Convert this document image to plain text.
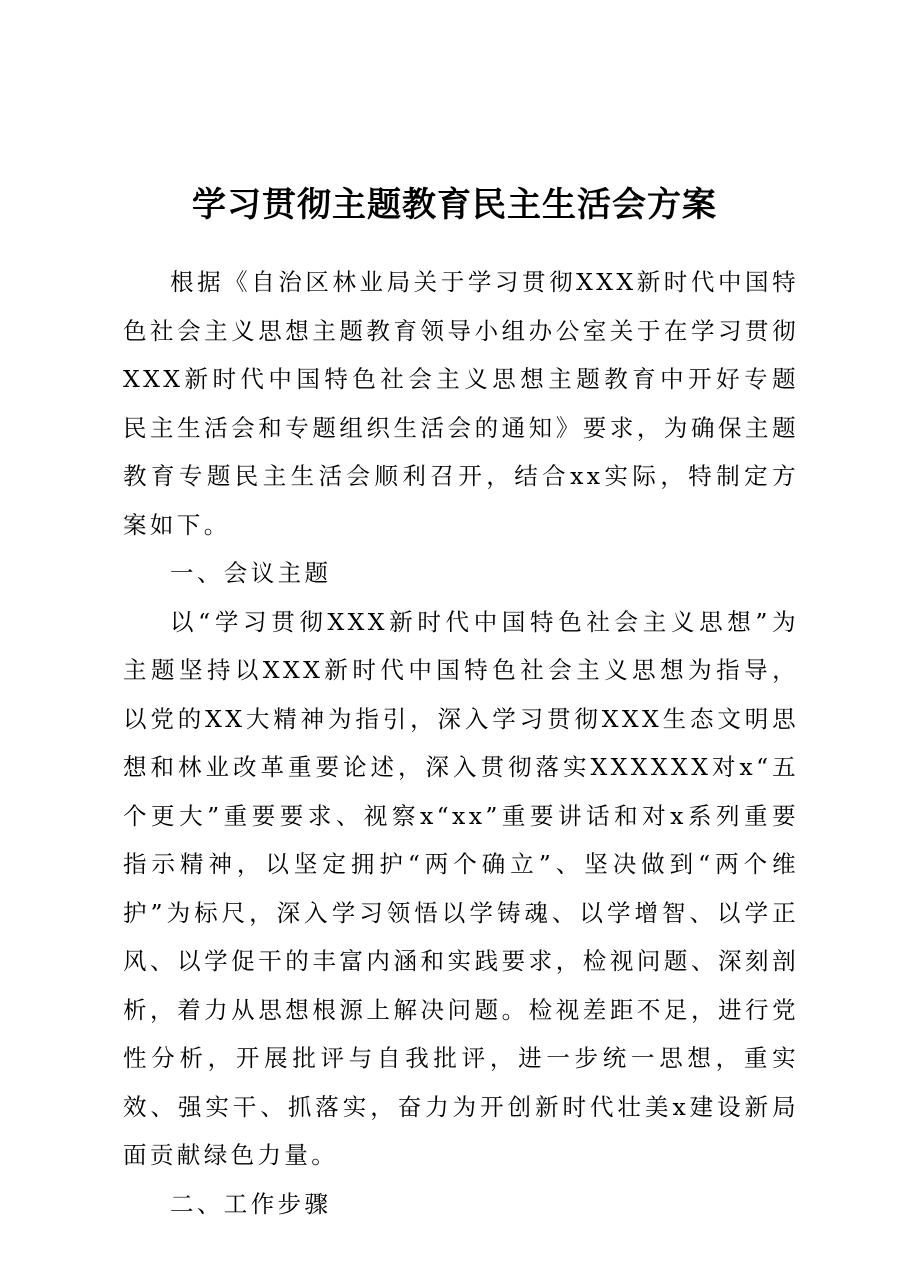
学习贯彻主题教育民主生活会方案

根据《自治区林业局关于学习贯彻XXX新时代中国特色社会主义思想主题教育领导小组办公室关于在学习贯彻XXX新时代中国特色社会主义思想主题教育中开好专题民主生活会和专题组织生活会的通知》要求，为确保主题教育专题民主生活会顺利召开，结合xx实际，特制定方案如下。

一、会议主题

以“学习贯彻XXX新时代中国特色社会主义思想”为主题坚持以XXX新时代中国特色社会主义思想为指导，以党的XX大精神为指引，深入学习贯彻XXX生态文明思想和林业改革重要论述，深入贯彻落实XXXXXX对x“五个更大”重要要求、视察x“xx”重要讲话和对x系列重要指示精神，以坚定拥护“两个确立”、坚决做到“两个维护”为标尺，深入学习领悟以学铸魂、以学增智、以学正风、以学促干的丰富内涵和实践要求，检视问题、深刻剖析，着力从思想根源上解决问题。检视差距不足，进行党性分析，开展批评与自我批评，进一步统一思想，重实效、强实干、抓落实，奋力为开创新时代壮美x建设新局面贡献绿色力量。

二、工作步骤
